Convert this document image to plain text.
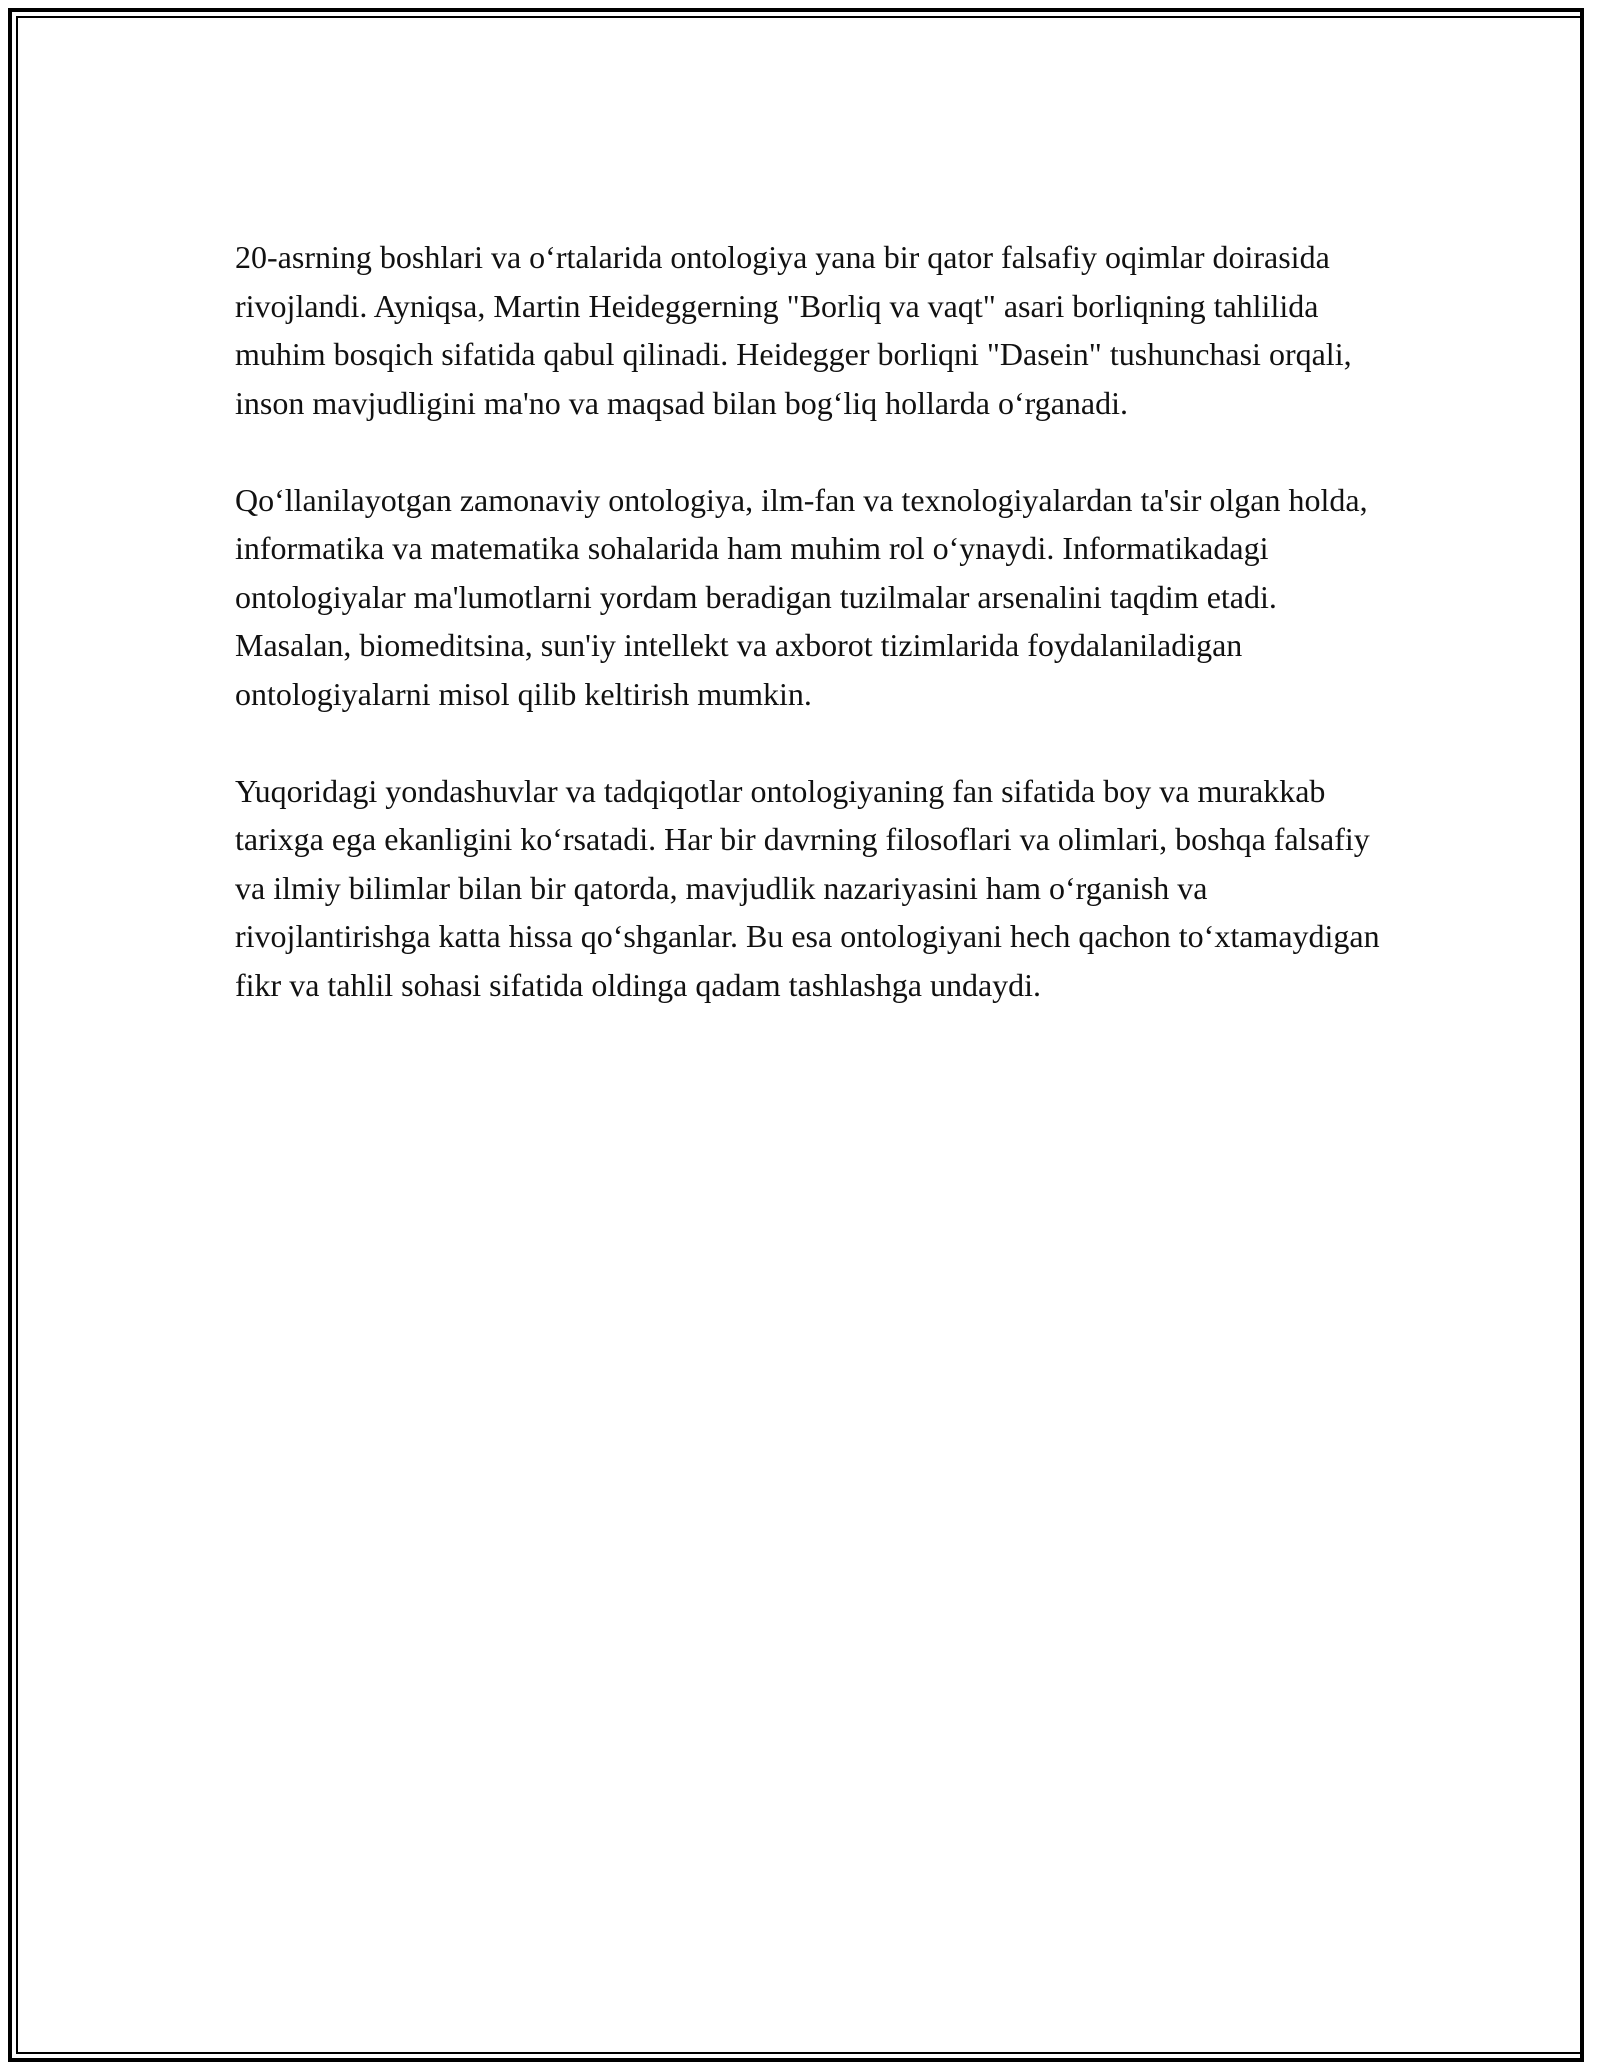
20-asrning boshlari va o‘rtalarida ontologiya yana bir qator falsafiy oqimlar doirasida rivojlandi. Ayniqsa, Martin Heideggerning "Borliq va vaqt" asari borliqning tahlilida muhim bosqich sifatida qabul qilinadi. Heidegger borliqni "Dasein" tushunchasi orqali, inson mavjudligini ma'no va maqsad bilan bog‘liq hollarda o‘rganadi.

Qo‘llanilayotgan zamonaviy ontologiya, ilm-fan va texnologiyalardan ta'sir olgan holda, informatika va matematika sohalarida ham muhim rol o‘ynaydi. Informatikadagi ontologiyalar ma'lumotlarni yordam beradigan tuzilmalar arsenalini taqdim etadi. Masalan, biomeditsina, sun'iy intellekt va axborot tizimlarida foydalaniladigan ontologiyalarni misol qilib keltirish mumkin.

Yuqoridagi yondashuvlar va tadqiqotlar ontologiyaning fan sifatida boy va murakkab tarixga ega ekanligini ko‘rsatadi. Har bir davrning filosoflari va olimlari, boshqa falsafiy va ilmiy bilimlar bilan bir qatorda, mavjudlik nazariyasini ham o‘rganish va rivojlantirishga katta hissa qo‘shganlar. Bu esa ontologiyani hech qachon to‘xtamaydigan fikr va tahlil sohasi sifatida oldinga qadam tashlashga undaydi.
